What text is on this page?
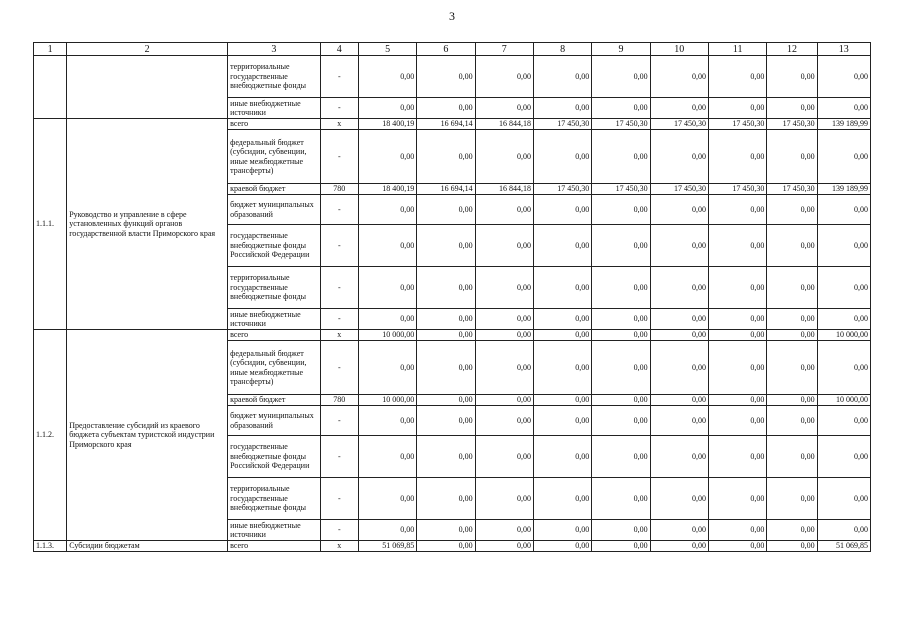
3
1	2	3	4	5	6	7	8	9	10	11	12	13
		территориальные государственные внебюджетные фонды	-	0,00	0,00	0,00	0,00	0,00	0,00	0,00	0,00	0,00
		иные внебюджетные источники	-	0,00	0,00	0,00	0,00	0,00	0,00	0,00	0,00	0,00
1.1.1.	Руководство и управление в сфере установленных функций органов государственной власти Приморского края	всего	x	18 400,19	16 694,14	16 844,18	17 450,30	17 450,30	17 450,30	17 450,30	17 450,30	139 189,99
		федеральный бюджет (субсидии, субвенции, иные межбюджетные трансферты)	-	0,00	0,00	0,00	0,00	0,00	0,00	0,00	0,00	0,00
		краевой бюджет	780	18 400,19	16 694,14	16 844,18	17 450,30	17 450,30	17 450,30	17 450,30	17 450,30	139 189,99
		бюджет муниципальных образований	-	0,00	0,00	0,00	0,00	0,00	0,00	0,00	0,00	0,00
		государственные внебюджетные фонды Российской Федерации	-	0,00	0,00	0,00	0,00	0,00	0,00	0,00	0,00	0,00
		территориальные государственные внебюджетные фонды	-	0,00	0,00	0,00	0,00	0,00	0,00	0,00	0,00	0,00
		иные внебюджетные источники	-	0,00	0,00	0,00	0,00	0,00	0,00	0,00	0,00	0,00
1.1.2.	Предоставление субсидий из краевого бюджета субъектам туристской индустрии Приморского края	всего	x	10 000,00	0,00	0,00	0,00	0,00	0,00	0,00	0,00	10 000,00
		федеральный бюджет (субсидии, субвенции, иные межбюджетные трансферты)	-	0,00	0,00	0,00	0,00	0,00	0,00	0,00	0,00	0,00
		краевой бюджет	780	10 000,00	0,00	0,00	0,00	0,00	0,00	0,00	0,00	10 000,00
		бюджет муниципальных образований	-	0,00	0,00	0,00	0,00	0,00	0,00	0,00	0,00	0,00
		государственные внебюджетные фонды Российской Федерации	-	0,00	0,00	0,00	0,00	0,00	0,00	0,00	0,00	0,00
		территориальные государственные внебюджетные фонды	-	0,00	0,00	0,00	0,00	0,00	0,00	0,00	0,00	0,00
		иные внебюджетные источники	-	0,00	0,00	0,00	0,00	0,00	0,00	0,00	0,00	0,00
1.1.3.	Субсидии бюджетам	всего	x	51 069,85	0,00	0,00	0,00	0,00	0,00	0,00	0,00	51 069,85
